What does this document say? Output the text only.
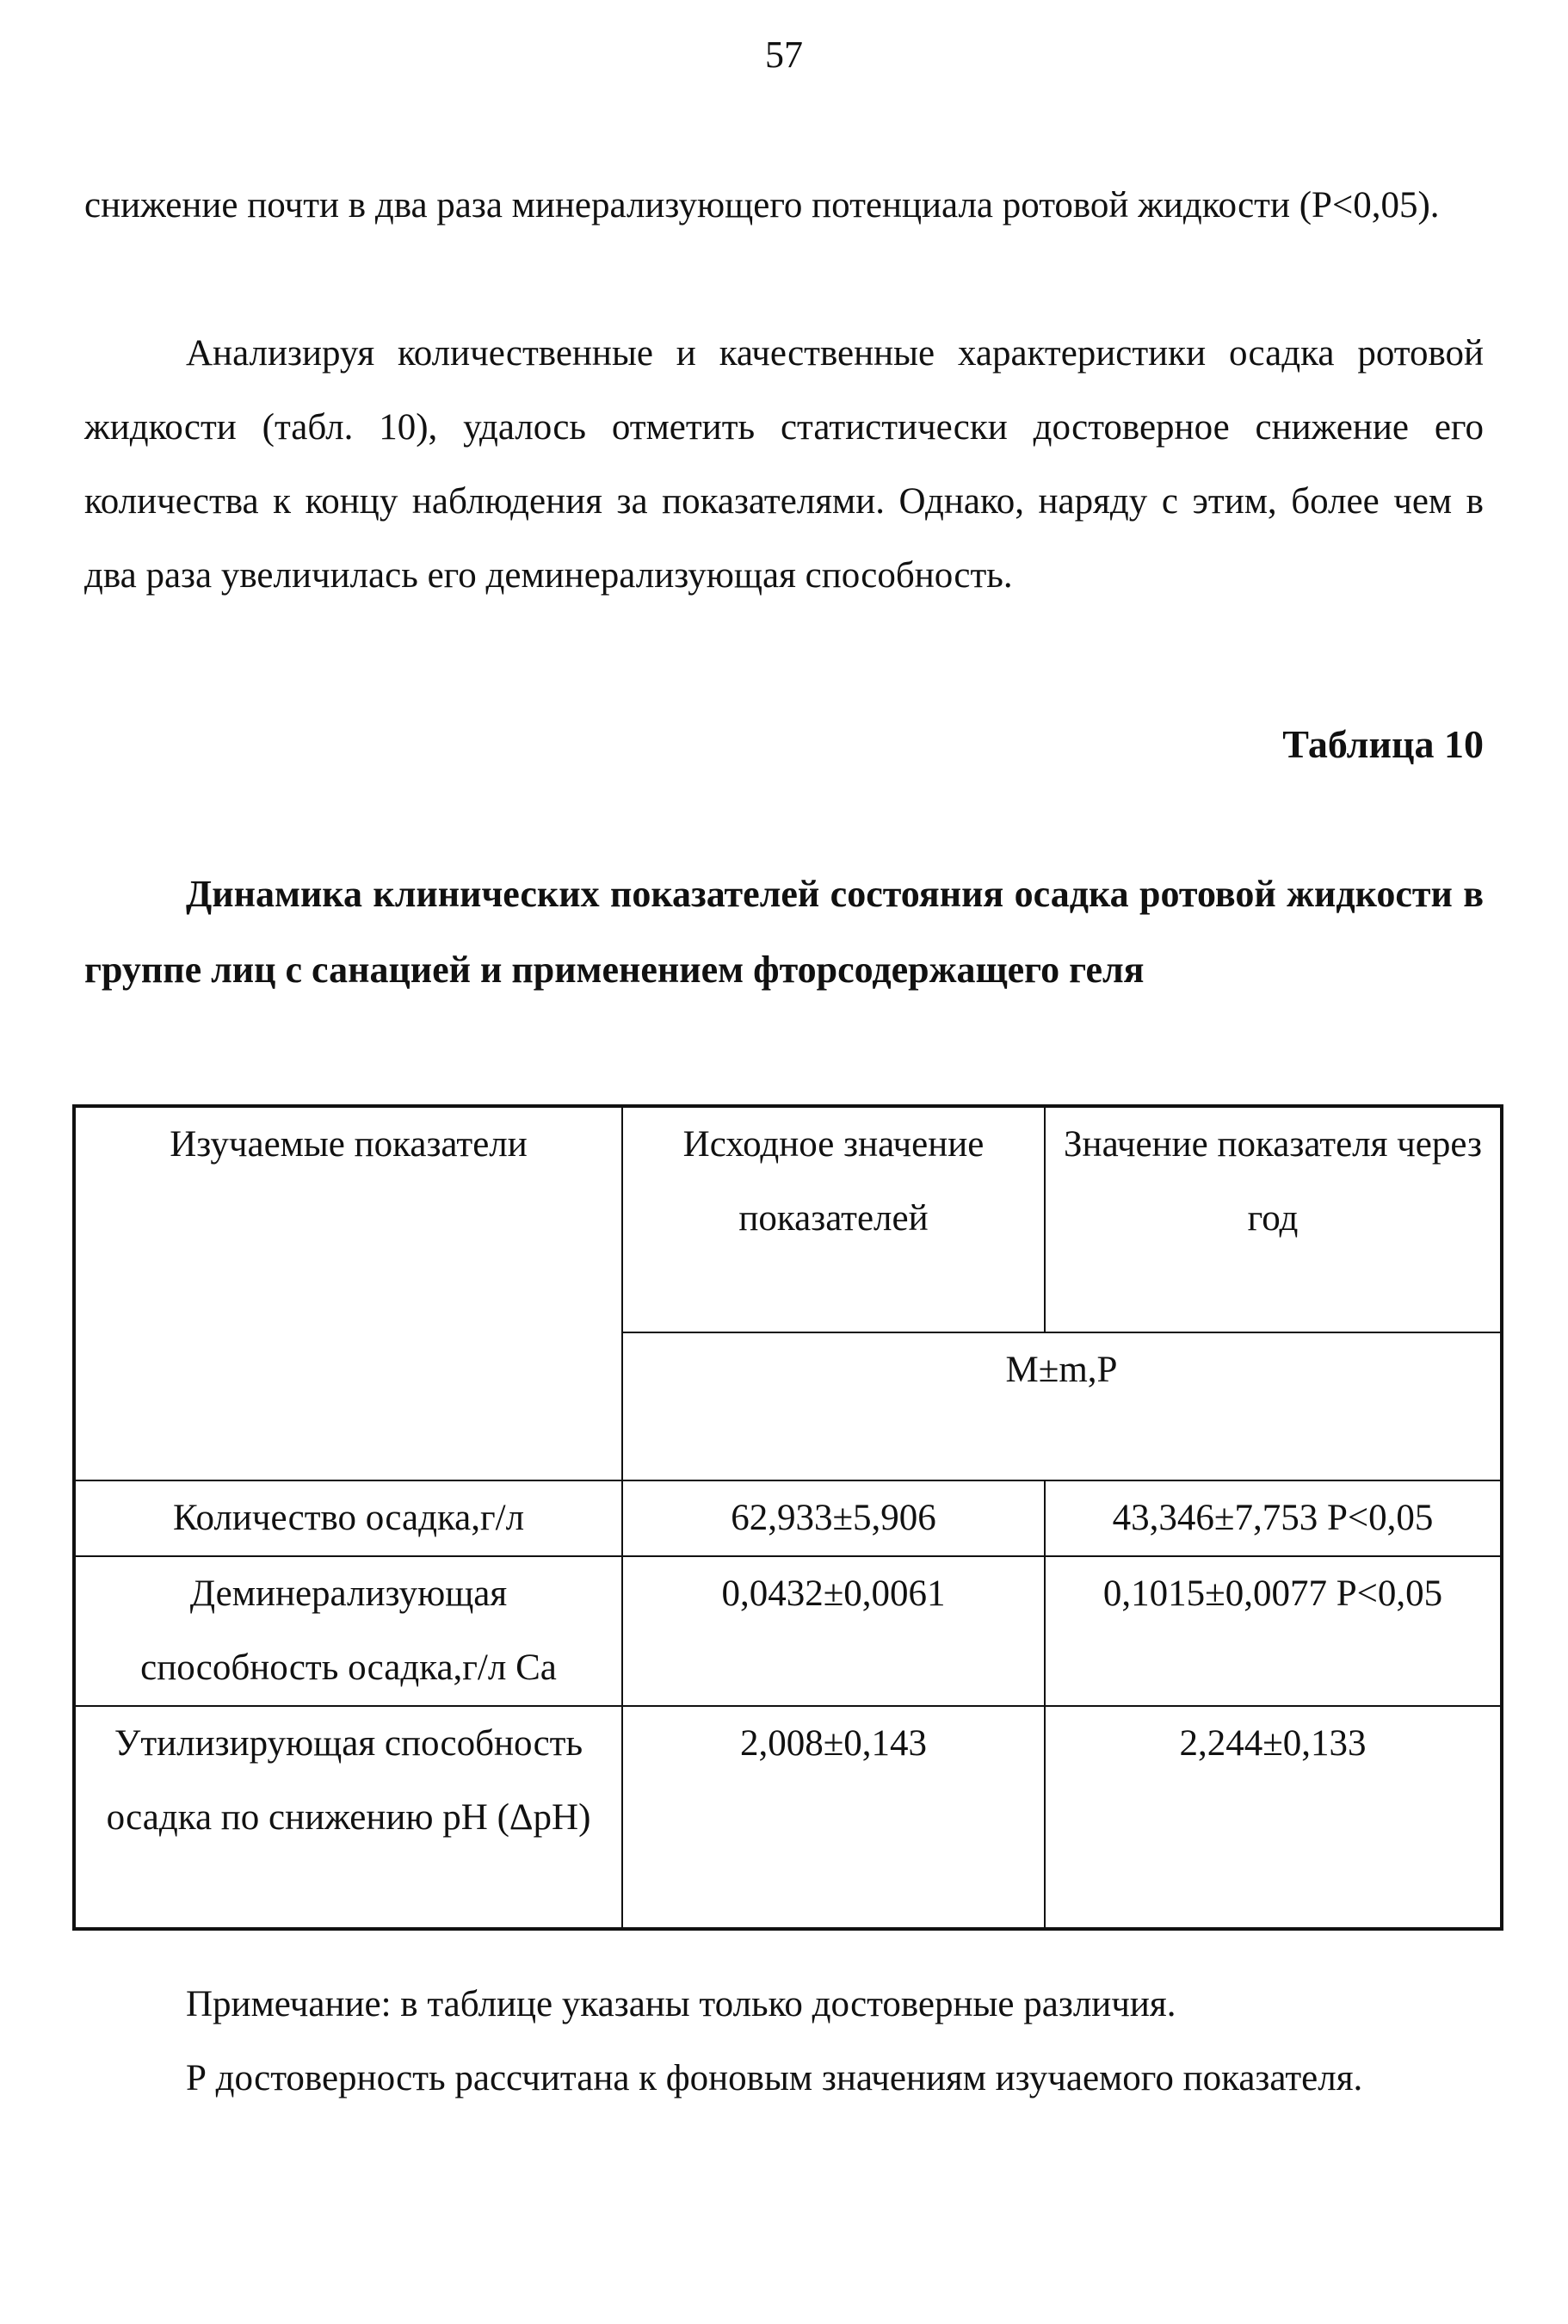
57

снижение почти в два раза минерализующего потенциала ротовой жидкости (Р<0,05).

Анализируя количественные и качественные характеристики осадка ротовой жидкости (табл. 10), удалось отметить статистически достоверное снижение его количества к концу наблюдения за показателями. Однако, наряду с этим, более чем в два раза увеличилась его деминерализующая способность.

Таблица 10

Динамика клинических показателей состояния осадка ротовой жидкости в группе лиц с санацией и применением фторсодержащего геля

Изучаемые показатели	Исходное значение показателей	Значение показателя через год
	M±m,P	
Количество осадка,г/л	62,933±5,906	43,346±7,753 Р<0,05
Деминерализующая способность осадка,г/л Са	0,0432±0,0061	0,1015±0,0077 Р<0,05
Утилизирующая способность осадка по снижению pH (ΔpH)	2,008±0,143	2,244±0,133

Примечание: в таблице указаны только достоверные различия.

Р достоверность рассчитана к фоновым значениям изучаемого показателя.
